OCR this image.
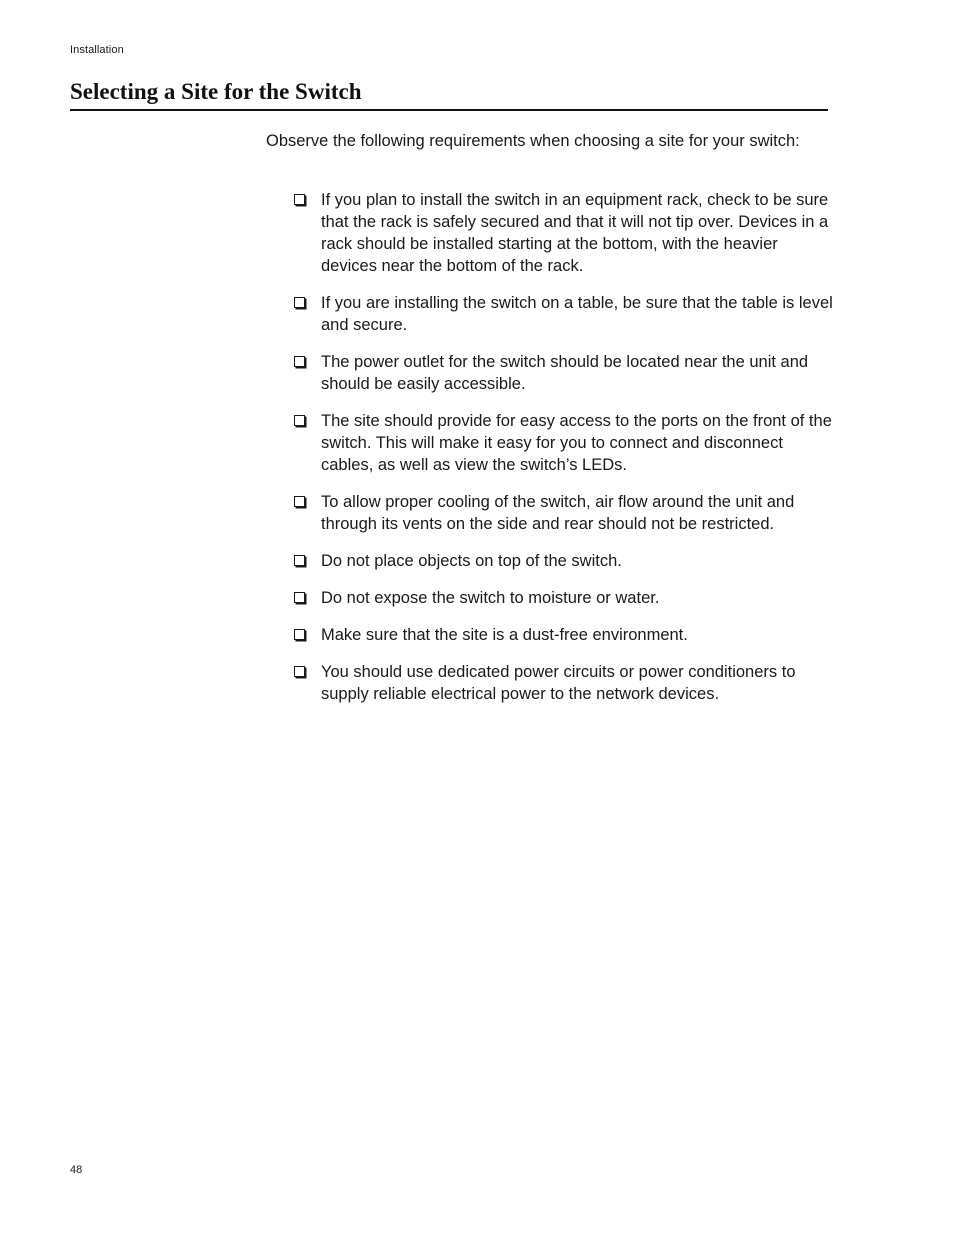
Installation
Selecting a Site for the Switch

Observe the following requirements when choosing a site for your switch:

If you plan to install the switch in an equipment rack, check to be sure that the rack is safely secured and that it will not tip over. Devices in a rack should be installed starting at the bottom, with the heavier devices near the bottom of the rack.
If you are installing the switch on a table, be sure that the table is level and secure.
The power outlet for the switch should be located near the unit and should be easily accessible.
The site should provide for easy access to the ports on the front of the switch. This will make it easy for you to connect and disconnect cables, as well as view the switch’s LEDs.
To allow proper cooling of the switch, air flow around the unit and through its vents on the side and rear should not be restricted.
Do not place objects on top of the switch.
Do not expose the switch to moisture or water.
Make sure that the site is a dust-free environment.
You should use dedicated power circuits or power conditioners to supply reliable electrical power to the network devices.
48
